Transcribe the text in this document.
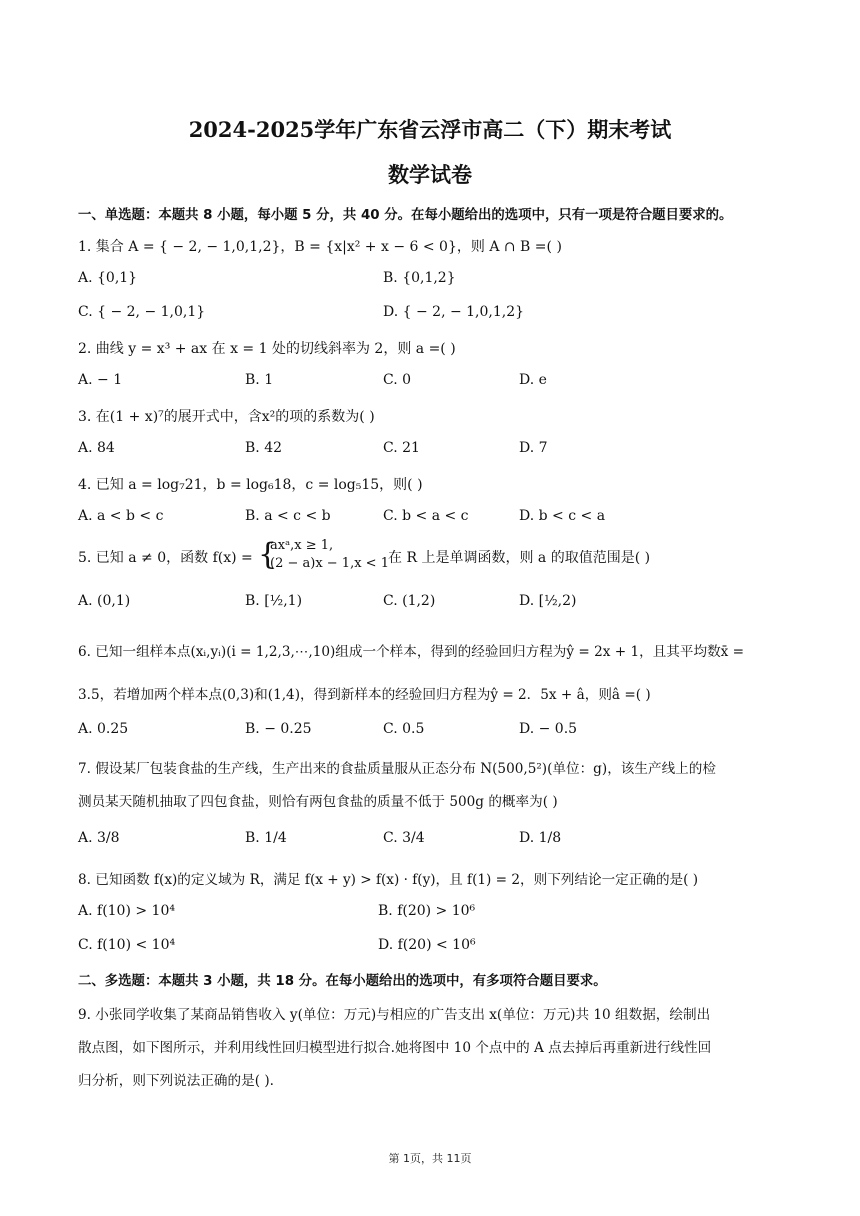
2024-2025学年广东省云浮市高二（下）期末考试
数学试卷
一、单选题：本题共 8 小题，每小题 5 分，共 40 分。在每小题给出的选项中，只有一项是符合题目要求的。
1. 集合 A = { − 2, − 1,0,1,2}，B = {x|x² + x − 6 < 0}，则 A ∩ B =( )
A. {0,1}	B. {0,1,2}
C. { − 2, − 1,0,1}	D. { − 2, − 1,0,1,2}
2. 曲线 y = x³ + ax 在 x = 1 处的切线斜率为 2，则 a =( )
A. − 1	B. 1	C. 0	D. e
3. 在(1 + x)⁷的展开式中，含x²的项的系数为( )
A. 84	B. 42	C. 21	D. 7
4. 已知 a = log₇21，b = log₆18，c = log₅15，则( )
A. a < b < c	B. a < c < b	C. b < a < c	D. b < c < a
5. 已知 a ≠ 0，函数 f(x) = {
axᵃ,x ≥ 1,
(2 − a)x − 1,x < 1 在 R 上是单调函数，则 a 的取值范围是( )
A. (0,1)	B. [½,1)	C. (1,2)	D. [½,2)
6. 已知一组样本点(xᵢ,yᵢ)(i = 1,2,3,⋯,10)组成一个样本，得到的经验回归方程为ŷ = 2x + 1，且其平均数x̄ =
3.5，若增加两个样本点(0,3)和(1,4)，得到新样本的经验回归方程为ŷ = 2．5x + â，则â =( )
A. 0.25	B. − 0.25	C. 0.5	D. − 0.5
7. 假设某厂包装食盐的生产线，生产出来的食盐质量服从正态分布 N(500,5²)(单位：g)，该生产线上的检
测员某天随机抽取了四包食盐，则恰有两包食盐的质量不低于 500g 的概率为( )
A. 3/8	B. 1/4	C. 3/4	D. 1/8
8. 已知函数 f(x)的定义域为 R，满足 f(x + y) > f(x) · f(y)，且 f(1) = 2，则下列结论一定正确的是( )
A. f(10) > 10⁴	B. f(20) > 10⁶
C. f(10) < 10⁴	D. f(20) < 10⁶
二、多选题：本题共 3 小题，共 18 分。在每小题给出的选项中，有多项符合题目要求。
9. 小张同学收集了某商品销售收入 y(单位：万元)与相应的广告支出 x(单位：万元)共 10 组数据，绘制出
散点图，如下图所示，并利用线性回归模型进行拟合.她将图中 10 个点中的 A 点去掉后再重新进行线性回
归分析，则下列说法正确的是( ).
第 1页，共 11页
